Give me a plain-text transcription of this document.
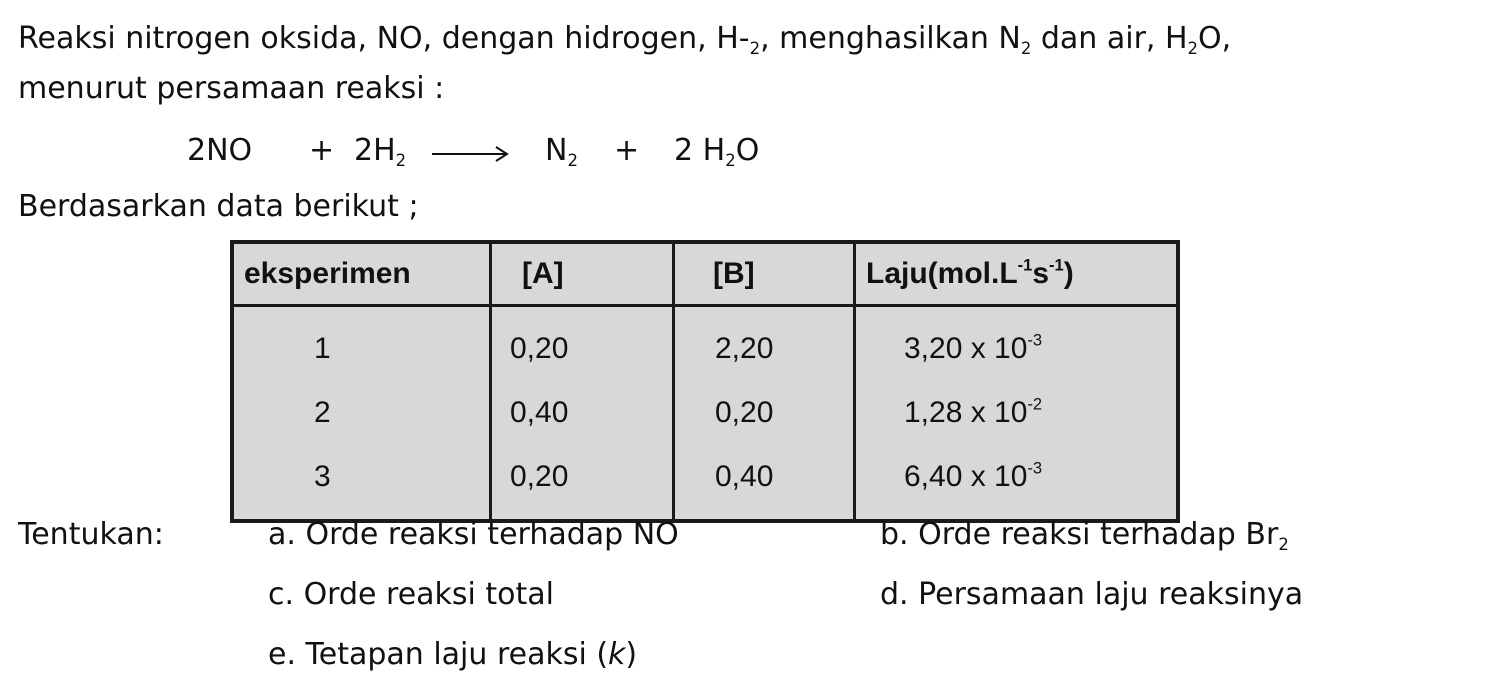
Reaksi nitrogen oksida, NO, dengan hidrogen, $H-_2$, menghasilkan $N_2$ dan air, $H_2O$,
menurut persamaan reaksi :
$2NO + 2H_2 \to N_2 + 2$ $H_2O$
Berdasarkan data berikut ;
eksperimen	[A]	[B]	$Laju(mol.L^{-1}s^{-1})$
1	0,20	2,20	3,20 x $10^{-3}$
2	0,40	0,20	1,28 x $10^{-2}$
3	0,20	0,40	6,40 x $10^{-3}$
Tentukan:	a. Orde reaksi terhadap NO	b. Orde reaksi terhadap $Br_2$
c. Orde reaksi total	d. Persamaan laju reaksinya
e. Tetapan laju reaksi (k)
